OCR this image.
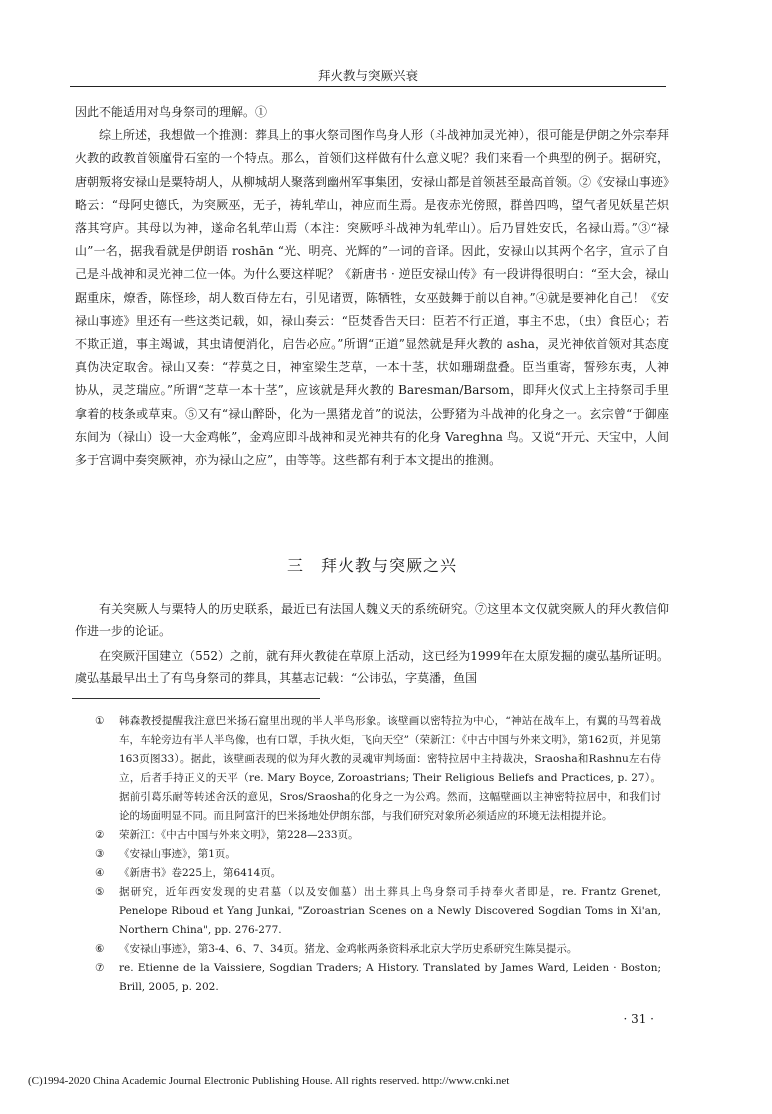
拜火教与突厥兴衰

因此不能适用对鸟身祭司的理解。①

综上所述，我想做一个推测：葬具上的事火祭司图作鸟身人形（斗战神加灵光神），很可能是伊朗之外宗奉拜火教的政教首领廑骨石室的一个特点。那么，首领们这样做有什么意义呢？我们来看一个典型的例子。据研究，唐朝叛将安禄山是粟特胡人，从柳城胡人聚落到幽州军事集团，安禄山都是首领甚至最高首领。②《安禄山事迹》略云：“母阿史德氏，为突厥巫，无子，祷轧荦山，神应而生焉。是夜赤光傍照，群兽四鸣，望气者见妖星芒炽落其穹庐。其母以为神，遂命名轧荦山焉（本注：突厥呼斗战神为轧荦山）。后乃冒姓安氏，名禄山焉。”③“禄山”一名，据我看就是伊朗语 roshān “光、明亮、光辉的”一词的音译。因此，安禄山以其两个名字，宣示了自己是斗战神和灵光神二位一体。为什么要这样呢？《新唐书 · 逆臣安禄山传》有一段讲得很明白：“至大会，禄山踞重床，燎香，陈怪珍，胡人数百侍左右，引见诸贾，陈牺牲，女巫鼓舞于前以自神。”④就是要神化自己！《安禄山事迹》里还有一些这类记载，如，禄山奏云：“臣焚香告天曰：臣若不行正道，事主不忠，（虫）食臣心；若不欺正道，事主竭诚，其虫请便消化，启告必应。”所谓“正道”显然就是拜火教的 asha，灵光神依首领对其态度真伪决定取舍。禄山又奏：“荐莫之日，神室梁生芝草，一本十茎，状如珊瑚盘叠。臣当重寄，誓殄东夷，人神协从，灵芝瑞应。”所谓“芝草一本十茎”，应该就是拜火教的 Baresman/Barsom，即拜火仪式上主持祭司手里拿着的枝条或草束。⑤又有“禄山醉卧，化为一黑猪龙首”的说法，公野猪为斗战神的化身之一。玄宗曾“于御座东间为（禄山）设一大金鸡帐”，金鸡应即斗战神和灵光神共有的化身 Vareghna 鸟。又说“开元、天宝中，人间多于宫调中奏突厥神，亦为禄山之应”，由等等。这些都有利于本文提出的推测。

三　拜火教与突厥之兴

有关突厥人与粟特人的历史联系，最近已有法国人魏义天的系统研究。⑦这里本文仅就突厥人的拜火教信仰作进一步的论证。

在突厥汗国建立（552）之前，就有拜火教徒在草原上活动，这已经为1999年在太原发掘的虞弘基所证明。虞弘基最早出土了有鸟身祭司的葬具，其墓志记载：“公讳弘，字莫潘，鱼国

①	韩森教授提醒我注意巴米扬石窟里出现的半人半鸟形象。该壁画以密特拉为中心，“神站在战车上，有翼的马驾着战车，车轮旁边有半人半鸟像，也有口罩，手执火炬，飞向天空”（荣新江：《中古中国与外来文明》，第162页，并见第163页图33）。据此，该壁画表现的似为拜火教的灵魂审判场面：密特拉居中主持裁决，Sraosha和Rashnu左右侍立，后者手持正义的天平（re. Mary Boyce, Zoroastrians; Their Religious Beliefs and Practices, p. 27）。据前引葛乐耐等转述舍沃的意见，Sros/Sraosha的化身之一为公鸡。然而，这幅壁画以主神密特拉居中，和我们讨论的场面明显不同。而且阿富汗的巴米扬地处伊朗东部，与我们研究对象所必须适应的环境无法相提并论。
②	荣新江：《中古中国与外来文明》，第228—233页。
③	《安禄山事迹》，第1页。
④	《新唐书》卷225上，第6414页。
⑤	据研究，近年西安发现的史君墓（以及安伽墓）出土葬具上鸟身祭司手持奉火者即是，re. Frantz Grenet, Penelope Riboud et Yang Junkai, "Zoroastrian Scenes on a Newly Discovered Sogdian Toms in Xi'an, Northern China", pp. 276-277.
⑥	《安禄山事迹》，第3-4、6、7、34页。猪龙、金鸡帐两条资料承北京大学历史系研究生陈昊提示。
⑦	re. Etienne de la Vaissiere, Sogdian Traders; A History. Translated by James Ward, Leiden · Boston; Brill, 2005, p. 202.
· 31 ·
(C)1994-2020 China Academic Journal Electronic Publishing House. All rights reserved. http://www.cnki.net
